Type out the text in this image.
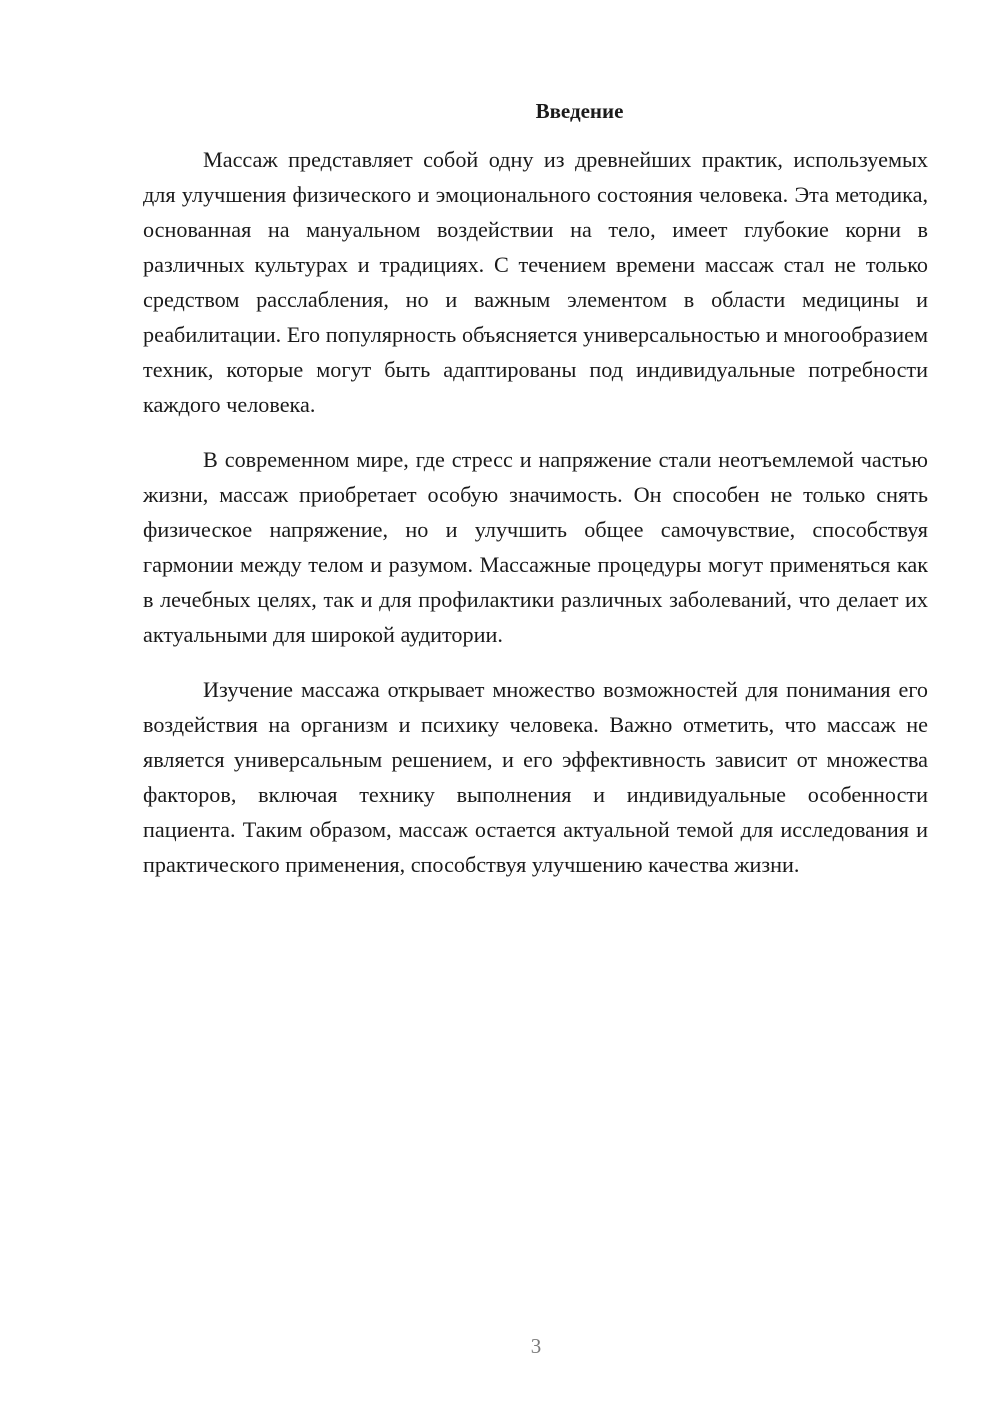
Введение

Массаж представляет собой одну из древнейших практик, используемых для улучшения физического и эмоционального состояния человека. Эта методика, основанная на мануальном воздействии на тело, имеет глубокие корни в различных культурах и традициях. С течением времени массаж стал не только средством расслабления, но и важным элементом в области медицины и реабилитации. Его популярность объясняется универсальностью и многообразием техник, которые могут быть адаптированы под индивидуальные потребности каждого человека.

В современном мире, где стресс и напряжение стали неотъемлемой частью жизни, массаж приобретает особую значимость. Он способен не только снять физическое напряжение, но и улучшить общее самочувствие, способствуя гармонии между телом и разумом. Массажные процедуры могут применяться как в лечебных целях, так и для профилактики различных заболеваний, что делает их актуальными для широкой аудитории.

Изучение массажа открывает множество возможностей для понимания его воздействия на организм и психику человека. Важно отметить, что массаж не является универсальным решением, и его эффективность зависит от множества факторов, включая технику выполнения и индивидуальные особенности пациента. Таким образом, массаж остается актуальной темой для исследования и практического применения, способствуя улучшению качества жизни.

3
